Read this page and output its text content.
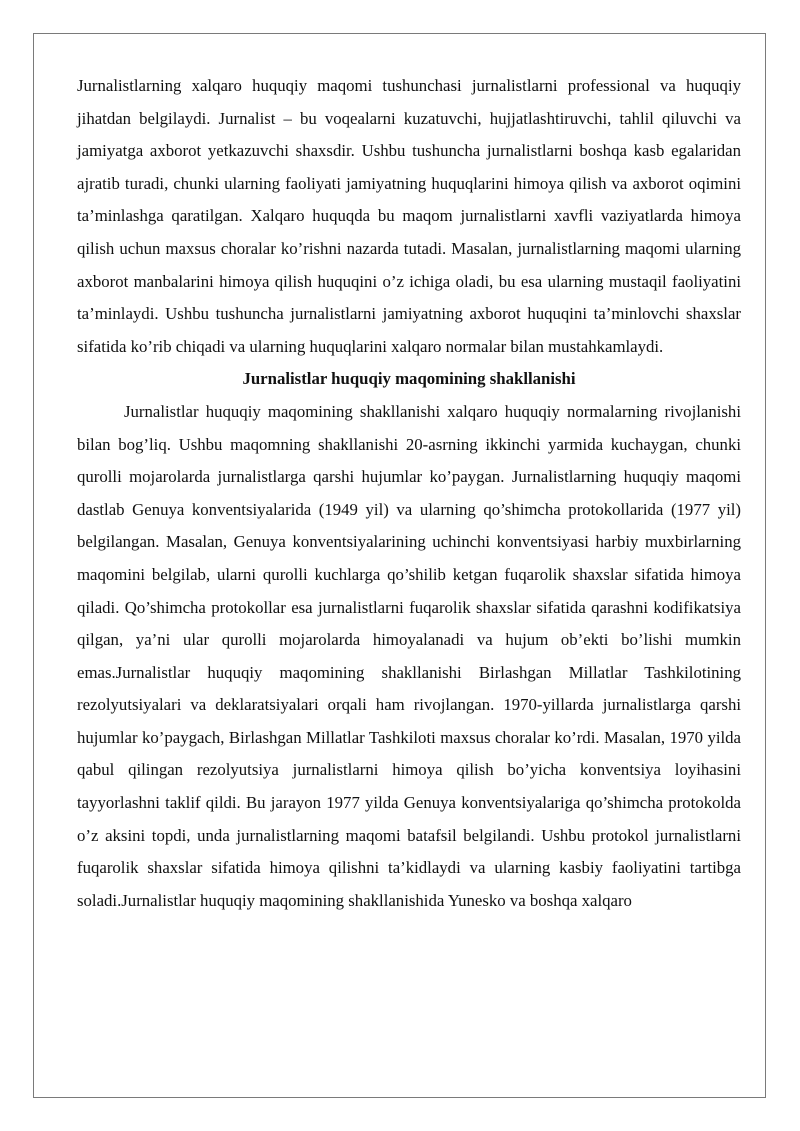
Jurnalistlarning xalqaro huquqiy maqomi tushunchasi jurnalistlarni professional va huquqiy jihatdan belgilaydi. Jurnalist – bu voqealarni kuzatuvchi, hujjatlashtiruvchi, tahlil qiluvchi va jamiyatga axborot yetkazuvchi shaxsdir. Ushbu tushuncha jurnalistlarni boshqa kasb egalaridan ajratib turadi, chunki ularning faoliyati jamiyatning huquqlarini himoya qilish va axborot oqimini ta’minlashga qaratilgan. Xalqaro huquqda bu maqom jurnalistlarni xavfli vaziyatlarda himoya qilish uchun maxsus choralar ko’rishni nazarda tutadi. Masalan, jurnalistlarning maqomi ularning axborot manbalarini himoya qilish huquqini o’z ichiga oladi, bu esa ularning mustaqil faoliyatini ta’minlaydi. Ushbu tushuncha jurnalistlarni jamiyatning axborot huquqini ta’minlovchi shaxslar sifatida ko’rib chiqadi va ularning huquqlarini xalqaro normalar bilan mustahkamlaydi.

Jurnalistlar huquqiy maqomining shakllanishi

Jurnalistlar huquqiy maqomining shakllanishi xalqaro huquqiy normalarning rivojlanishi bilan bog’liq. Ushbu maqomning shakllanishi 20-asrning ikkinchi yarmida kuchaygan, chunki qurolli mojarolarda jurnalistlarga qarshi hujumlar ko’paygan. Jurnalistlarning huquqiy maqomi dastlab Genuya konventsiyalarida (1949 yil) va ularning qo’shimcha protokollarida (1977 yil) belgilangan. Masalan, Genuya konventsiyalarining uchinchi konventsiyasi harbiy muxbirlarning maqomini belgilab, ularni qurolli kuchlarga qo’shilib ketgan fuqarolik shaxslar sifatida himoya qiladi. Qo’shimcha protokollar esa jurnalistlarni fuqarolik shaxslar sifatida qarashni kodifikatsiya qilgan, ya’ni ular qurolli mojarolarda himoyalanadi va hujum ob’ekti bo’lishi mumkin emas.Jurnalistlar huquqiy maqomining shakllanishi Birlashgan Millatlar Tashkilotining rezolyutsiyalari va deklaratsiyalari orqali ham rivojlangan. 1970-yillarda jurnalistlarga qarshi hujumlar ko’paygach, Birlashgan Millatlar Tashkiloti maxsus choralar ko’rdi. Masalan, 1970 yilda qabul qilingan rezolyutsiya jurnalistlarni himoya qilish bo’yicha konventsiya loyihasini tayyorlashni taklif qildi. Bu jarayon 1977 yilda Genuya konventsiyalariga qo’shimcha protokolda o’z aksini topdi, unda jurnalistlarning maqomi batafsil belgilandi. Ushbu protokol jurnalistlarni fuqarolik shaxslar sifatida himoya qilishni ta’kidlaydi va ularning kasbiy faoliyatini tartibga soladi.Jurnalistlar huquqiy maqomining shakllanishida Yunesko va boshqa xalqaro
